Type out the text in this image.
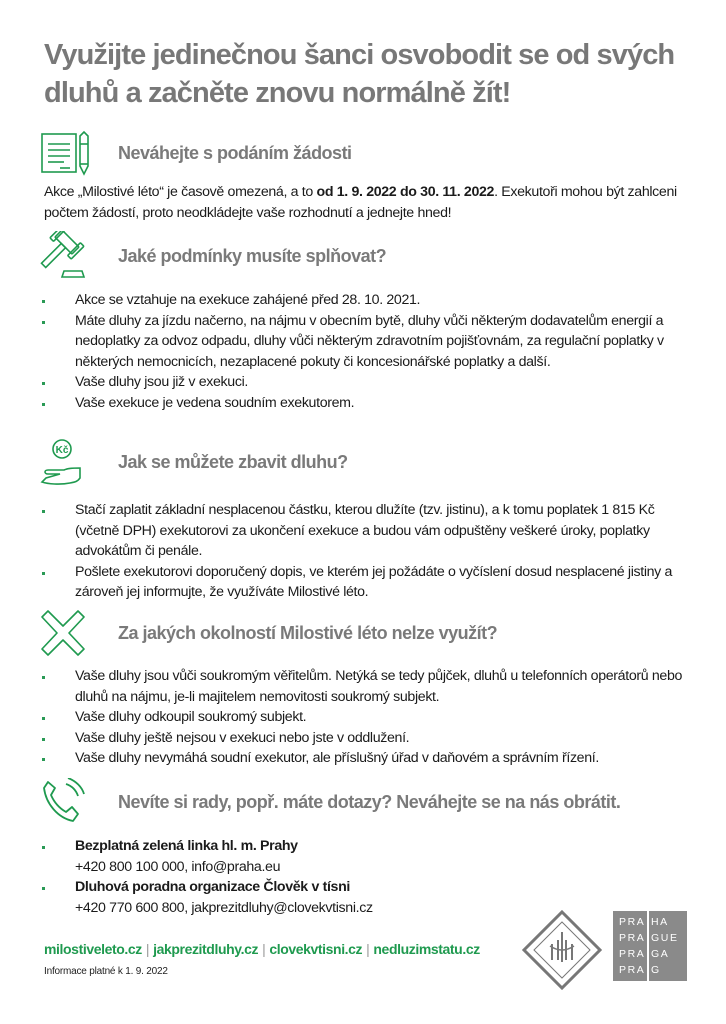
Využijte jedinečnou šanci osvobodit se od svých dluhů a začněte znovu normálně žít!
Neváhejte s podáním žádosti

Akce „Milostivé léto“ je časově omezená, a to od 1. 9. 2022 do 30. 11. 2022. Exekutoři mohou být zahlceni počtem žádostí, proto neodkládejte vaše rozhodnutí a jednejte hned!

Jaké podmínky musíte splňovat?
Akce se vztahuje na exekuce zahájené před 28. 10. 2021.
Máte dluhy za jízdu načerno, na nájmu v obecním bytě, dluhy vůči některým dodavatelům energií a nedoplatky za odvoz odpadu, dluhy vůči některým zdravotním pojišťovnám, za regulační poplatky v některých nemocnicích, nezaplacené pokuty či koncesionářské poplatky a další.
Vaše dluhy jsou již v exekuci.
Vaše exekuce je vedena soudním exekutorem.
Kč
Jak se můžete zbavit dluhu?
Stačí zaplatit základní nesplacenou částku, kterou dlužíte (tzv. jistinu), a k tomu poplatek 1 815 Kč (včetně DPH) exekutorovi za ukončení exekuce a budou vám odpuštěny veškeré úroky, poplatky advokátům či penále.
Pošlete exekutorovi doporučený dopis, ve kterém jej požádáte o vyčíslení dosud nesplacené jistiny a zároveň jej informujte, že využíváte Milostivé léto.
Za jakých okolností Milostivé léto nelze využít?
Vaše dluhy jsou vůči soukromým věřitelům. Netýká se tedy půjček, dluhů u telefonních operátorů nebo dluhů na nájmu, je-li majitelem nemovitosti soukromý subjekt.
Vaše dluhy odkoupil soukromý subjekt.
Vaše dluhy ještě nejsou v exekuci nebo jste v oddlužení.
Vaše dluhy nevymáhá soudní exekutor, ale příslušný úřad v daňovém a správním řízení.
Nevíte si rady, popř. máte dotazy? Neváhejte se na nás obrátit.
Bezplatná zelená linka hl. m. Prahy
+420 800 100 000, info@praha.eu
Dluhová poradna organizace Člověk v tísni
+420 770 600 800, jakprezitdluhy@clovekvtisni.cz
milostiveleto.cz | jakprezitdluhy.cz | clovekvtisni.cz | nedluzimstatu.cz
Informace platné k 1. 9. 2022
PRA
PRA
PRA
PRA
HA
GUE
GA
G
